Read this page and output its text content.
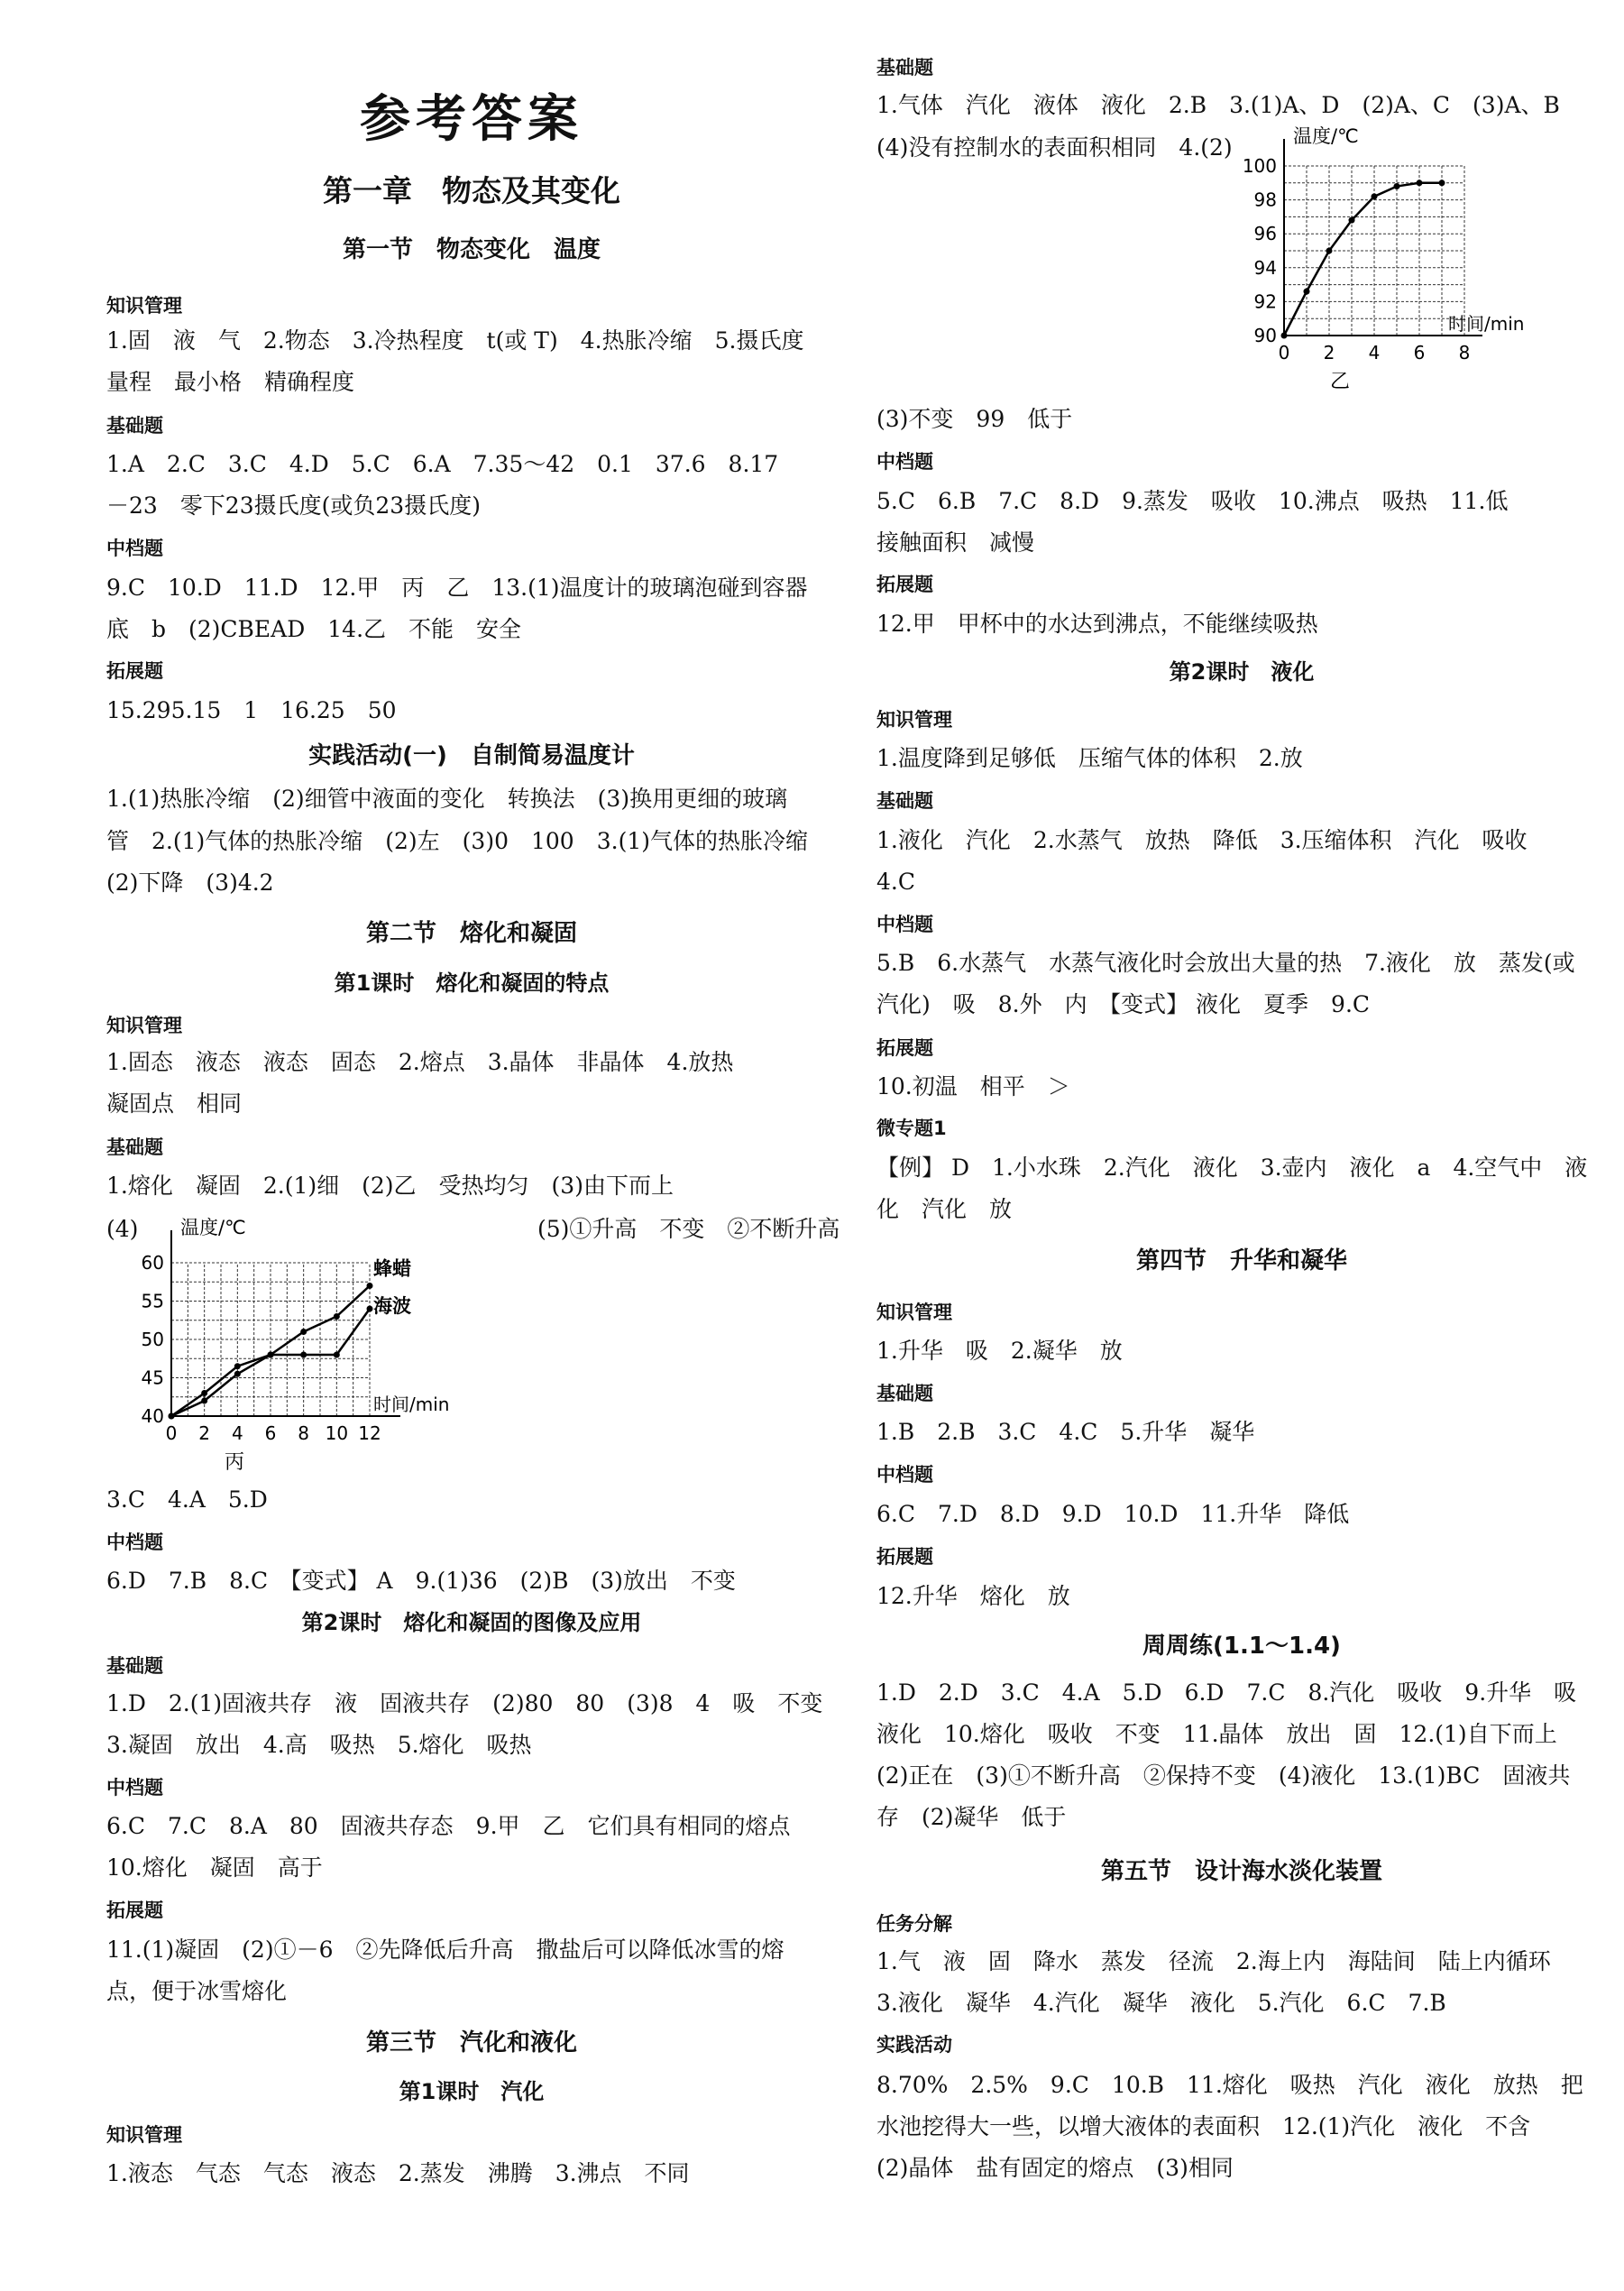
参考答案
第一章　物态及其变化
第一节　物态变化　温度
知识管理
1.固　液　气　2.物态　3.冷热程度　t(或 T)　4.热胀冷缩　5.摄氏度
量程　最小格　精确程度
基础题
1.A　2.C　3.C　4.D　5.C　6.A　7.35～42　0.1　37.6　8.17
－23　零下23摄氏度(或负23摄氏度)
中档题
9.C　10.D　11.D　12.甲　丙　乙　13.(1)温度计的玻璃泡碰到容器
底　b　(2)CBEAD　14.乙　不能　安全
拓展题
15.295.15　1　16.25　50
实践活动(一)　自制简易温度计
1.(1)热胀冷缩　(2)细管中液面的变化　转换法　(3)换用更细的玻璃
管　2.(1)气体的热胀冷缩　(2)左　(3)0　100　3.(1)气体的热胀冷缩
(2)下降　(3)4.2
第二节　熔化和凝固
第1课时　熔化和凝固的特点
知识管理
1.固态　液态　液态　固态　2.熔点　3.晶体　非晶体　4.放热
凝固点　相同
基础题
1.熔化　凝固　2.(1)细　(2)乙　受热均匀　(3)由下而上
(4)	(5)①升高　不变　②不断升高
0 2 4 6 8 10 12
40
45
50
55
60
温度/℃
时间/min
丙
蜂蜡
海波
3.C　4.A　5.D
中档题
6.D　7.B　8.C　【变式】 A　9.(1)36　(2)B　(3)放出　不变
第2课时　熔化和凝固的图像及应用
基础题
1.D　2.(1)固液共存　液　固液共存　(2)80　80　(3)8　4　吸　不变
3.凝固　放出　4.高　吸热　5.熔化　吸热
中档题
6.C　7.C　8.A　80　固液共存态　9.甲　乙　它们具有相同的熔点
10.熔化　凝固　高于
拓展题
11.(1)凝固　(2)①－6　②先降低后升高　撒盐后可以降低冰雪的熔
点，便于冰雪熔化
第三节　汽化和液化
第1课时　汽化
知识管理
1.液态　气态　气态　液态　2.蒸发　沸腾　3.沸点　不同
基础题
1.气体　汽化　液体　液化　2.B　3.(1)A、D　(2)A、C　(3)A、B
(4)没有控制水的表面积相同　4.(2)
0 2 4 6 8
90
92
94
96
98
100
温度/℃
时间/min
乙
(3)不变　99　低于
中档题
5.C　6.B　7.C　8.D　9.蒸发　吸收　10.沸点　吸热　11.低
接触面积　减慢
拓展题
12.甲　甲杯中的水达到沸点，不能继续吸热
第2课时　液化
知识管理
1.温度降到足够低　压缩气体的体积　2.放
基础题
1.液化　汽化　2.水蒸气　放热　降低　3.压缩体积　汽化　吸收
4.C
中档题
5.B　6.水蒸气　水蒸气液化时会放出大量的热　7.液化　放　蒸发(或
汽化)　吸　8.外　内　【变式】 液化　夏季　9.C
拓展题
10.初温　相平　＞
微专题1
【例】 D　1.小水珠　2.汽化　液化　3.壶内　液化　a　4.空气中　液
化　汽化　放
第四节　升华和凝华
知识管理
1.升华　吸　2.凝华　放
基础题
1.B　2.B　3.C　4.C　5.升华　凝华
中档题
6.C　7.D　8.D　9.D　10.D　11.升华　降低
拓展题
12.升华　熔化　放
周周练(1.1～1.4)
1.D　2.D　3.C　4.A　5.D　6.D　7.C　8.汽化　吸收　9.升华　吸
液化　10.熔化　吸收　不变　11.晶体　放出　固　12.(1)自下而上
(2)正在　(3)①不断升高　②保持不变　(4)液化　13.(1)BC　固液共
存　(2)凝华　低于
第五节　设计海水淡化装置
任务分解
1.气　液　固　降水　蒸发　径流　2.海上内　海陆间　陆上内循环
3.液化　凝华　4.汽化　凝华　液化　5.汽化　6.C　7.B
实践活动
8.70%　2.5%　9.C　10.B　11.熔化　吸热　汽化　液化　放热　把
水池挖得大一些，以增大液体的表面积　12.(1)汽化　液化　不含
(2)晶体　盐有固定的熔点　(3)相同
